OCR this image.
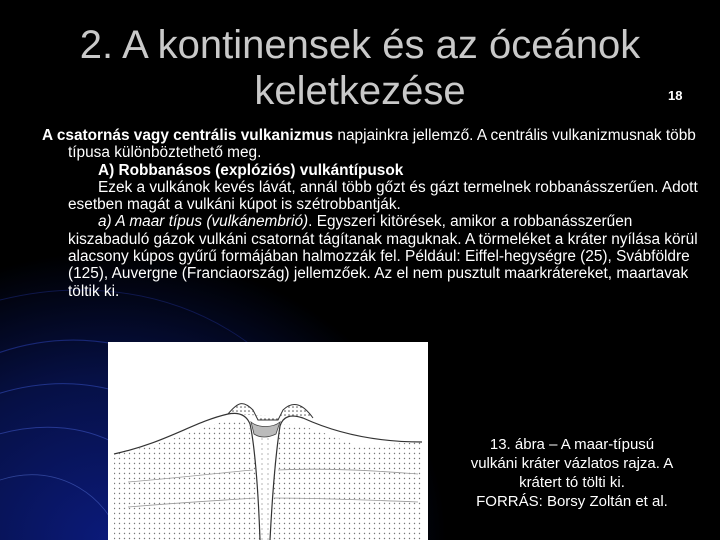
2. A kontinensek és az óceánok
keletkezése	18

A csatornás vagy centrális vulkanizmus napjainkra jellemző. A centrális vulkanizmusnak több típusa különböztethető meg.

A) Robbanásos (explóziós) vulkántípusok

Ezek a vulkánok kevés lávát, annál több gőzt és gázt termelnek robbanásszerűen. Adott esetben magát a vulkáni kúpot is szétrobbantják.

a) A maar típus (vulkánembrió). Egyszeri kitörések, amikor a robbanásszerűen kiszabaduló gázok vulkáni csatornát tágítanak maguknak. A törmeléket a kráter nyílása körül alacsony kúpos gyűrű formájában halmozzák fel. Például: Eiffel-hegységre (25), Svábföldre (125), Auvergne (Franciaország) jellemzőek. Az el nem pusztult maarkrátereket, maartavak töltik ki.

13. ábra – A maar-típusú
vulkáni kráter vázlatos rajza. A
krátert tó tölti ki.
FORRÁS: Borsy Zoltán et al.
